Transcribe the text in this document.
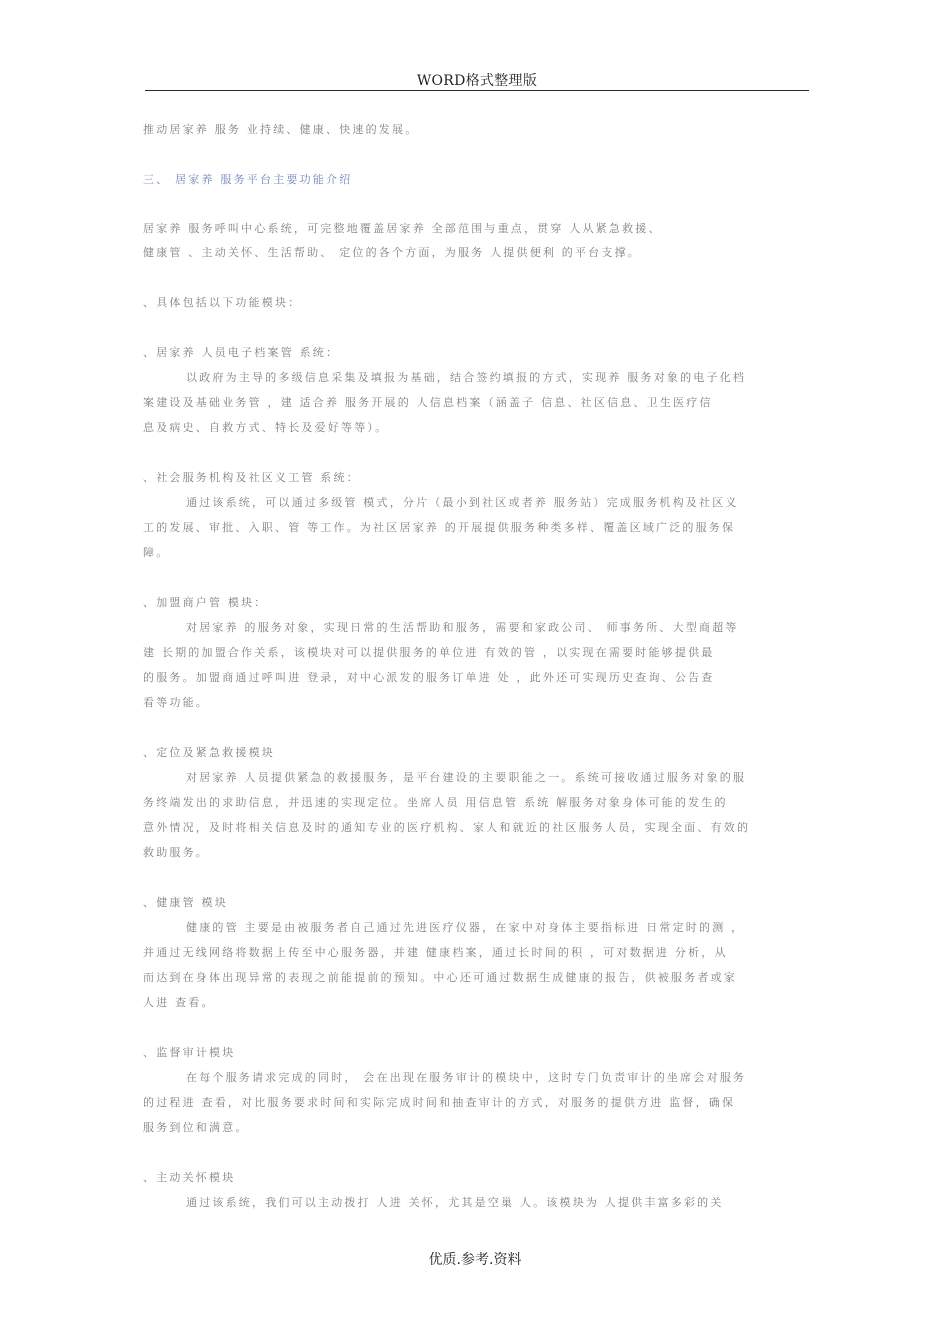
WORD格式整理版
推动居家养 服务 业持续、健康、快速的发展。
三、 居家养 服务平台主要功能介绍
居家养 服务呼叫中心系统，可完整地覆盖居家养 全部范围与重点，贯穿 人从紧急救援、
健康管 、主动关怀、生活帮助、 定位的各个方面，为服务 人提供便利 的平台支撑。
、具体包括以下功能模块：
、居家养 人员电子档案管 系统：
以政府为主导的多级信息采集及填报为基础，结合签约填报的方式，实现养 服务对象的电子化档
案建设及基础业务管 ，建 适合养 服务开展的 人信息档案（涵盖子 信息、社区信息、卫生医疗信
息及病史、自救方式、特长及爱好等等）。
、社会服务机构及社区义工管 系统：
通过该系统，可以通过多级管 模式，分片（最小到社区或者养 服务站）完成服务机构及社区义
工的发展、审批、入职、管 等工作。为社区居家养 的开展提供服务种类多样、覆盖区域广泛的服务保
障。
、加盟商户管 模块：
对居家养 的服务对象，实现日常的生活帮助和服务，需要和家政公司、 师事务所、大型商超等
建 长期的加盟合作关系，该模块对可以提供服务的单位进 有效的管 ，以实现在需要时能够提供最
的服务。加盟商通过呼叫进 登录，对中心派发的服务订单进 处 ，此外还可实现历史查询、公告查
看等功能。
、定位及紧急救援模块
对居家养 人员提供紧急的救援服务，是平台建设的主要职能之一。系统可接收通过服务对象的服
务终端发出的求助信息，并迅速的实现定位。坐席人员 用信息管 系统 解服务对象身体可能的发生的
意外情况，及时将相关信息及时的通知专业的医疗机构、家人和就近的社区服务人员，实现全面、有效的
救助服务。
、健康管 模块
健康的管 主要是由被服务者自己通过先进医疗仪器，在家中对身体主要指标进 日常定时的测 ，
并通过无线网络将数据上传至中心服务器，并建 健康档案，通过长时间的积 ，可对数据进 分析，从
而达到在身体出现异常的表现之前能提前的预知。中心还可通过数据生成健康的报告，供被服务者或家
人进 查看。
、监督审计模块
在每个服务请求完成的同时， 会在出现在服务审计的模块中，这时专门负责审计的坐席会对服务
的过程进 查看，对比服务要求时间和实际完成时间和抽查审计的方式，对服务的提供方进 监督，确保
服务到位和满意。
、主动关怀模块
通过该系统，我们可以主动拨打 人进 关怀，尤其是空巢 人。该模块为 人提供丰富多彩的关
优质.参考.资料
